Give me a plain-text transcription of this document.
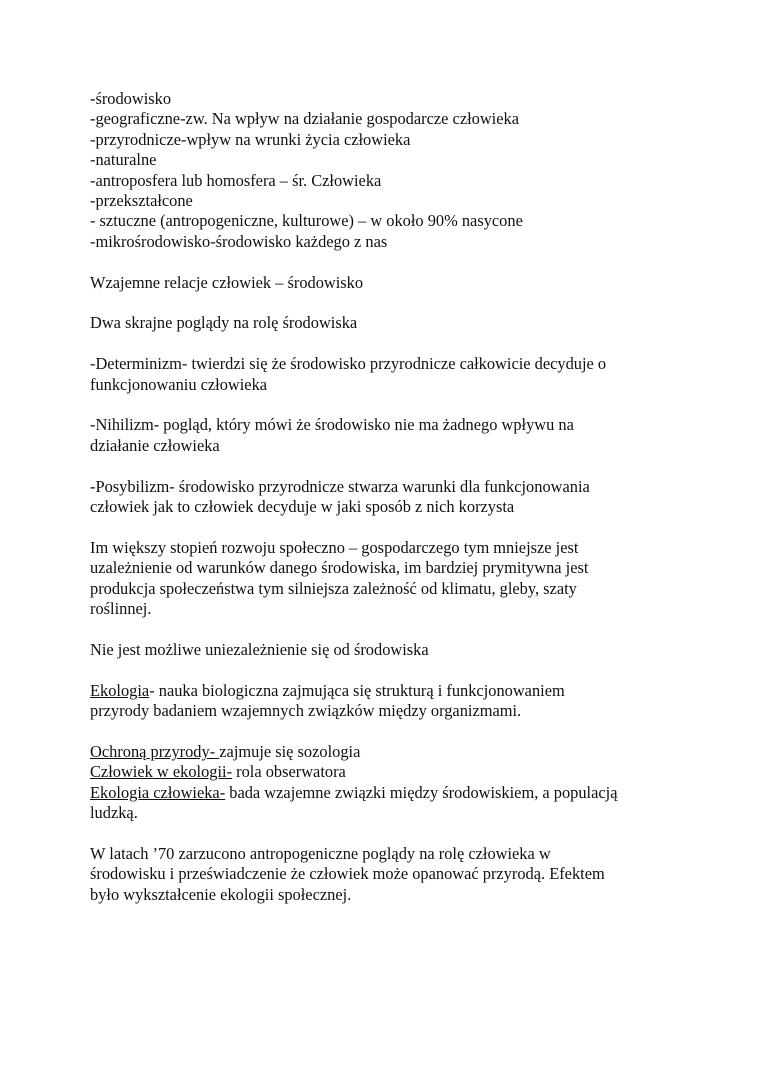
-środowisko
-geograficzne-zw. Na wpływ na działanie gospodarcze człowieka
-przyrodnicze-wpływ na wrunki życia człowieka
-naturalne
-antroposfera lub homosfera – śr. Człowieka
-przekształcone
- sztuczne (antropogeniczne, kulturowe) – w około 90% nasycone
-mikrośrodowisko-środowisko każdego z nas
Wzajemne relacje człowiek – środowisko
Dwa skrajne poglądy na rolę środowiska
-Determinizm- twierdzi się że środowisko przyrodnicze całkowicie decyduje o
funkcjonowaniu człowieka
-Nihilizm- pogląd, który mówi że środowisko nie ma żadnego wpływu na
działanie człowieka
-Posybilizm- środowisko przyrodnicze stwarza warunki dla funkcjonowania
człowiek jak to człowiek decyduje w jaki sposób z nich korzysta
Im większy stopień rozwoju społeczno – gospodarczego tym mniejsze jest
uzależnienie od warunków danego środowiska, im bardziej prymitywna jest
produkcja społeczeństwa tym silniejsza zależność od klimatu, gleby, szaty
roślinnej.
Nie jest możliwe uniezależnienie się od środowiska
Ekologia- nauka biologiczna zajmująca się strukturą i funkcjonowaniem
przyrody badaniem wzajemnych związków między organizmami.
Ochroną przyrody- zajmuje się sozologia
Człowiek w ekologii- rola obserwatora
Ekologia człowieka- bada wzajemne związki między środowiskiem, a populacją
ludzką.
W latach ’70 zarzucono antropogeniczne poglądy na rolę człowieka w
środowisku i przeświadczenie że człowiek może opanować przyrodą. Efektem
było wykształcenie ekologii społecznej.
